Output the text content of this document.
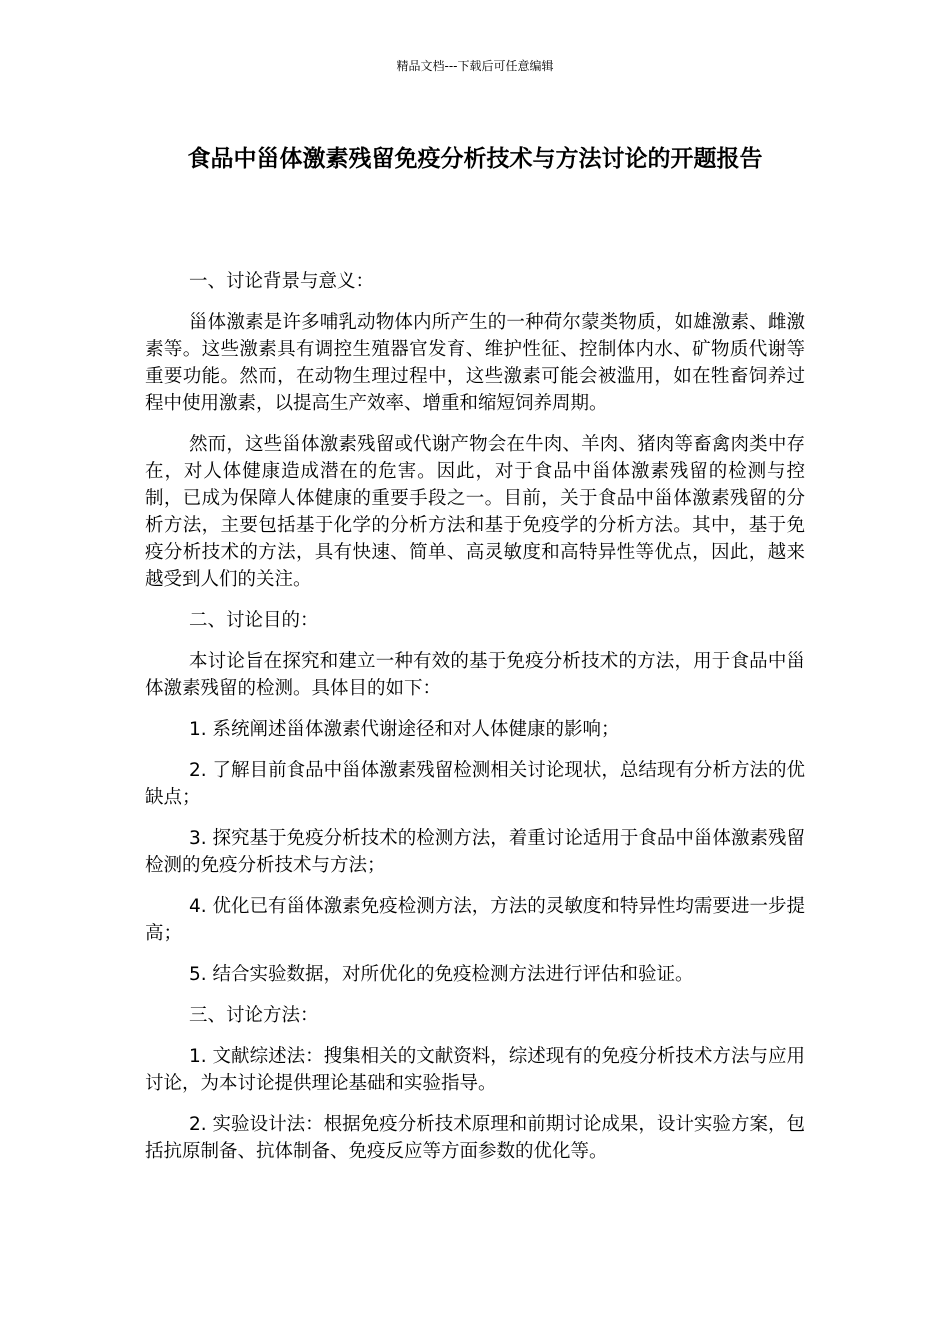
精品文档---下载后可任意编辑
食品中甾体激素残留免疫分析技术与方法讨论的开题报告

一、讨论背景与意义：

甾体激素是许多哺乳动物体内所产生的一种荷尔蒙类物质，如雄激素、雌激素等。这些激素具有调控生殖器官发育、维护性征、控制体内水、矿物质代谢等重要功能。然而，在动物生理过程中，这些激素可能会被滥用，如在牲畜饲养过程中使用激素，以提高生产效率、增重和缩短饲养周期。

然而，这些甾体激素残留或代谢产物会在牛肉、羊肉、猪肉等畜禽肉类中存在，对人体健康造成潜在的危害。因此，对于食品中甾体激素残留的检测与控制，已成为保障人体健康的重要手段之一。目前，关于食品中甾体激素残留的分析方法，主要包括基于化学的分析方法和基于免疫学的分析方法。其中，基于免疫分析技术的方法，具有快速、简单、高灵敏度和高特异性等优点，因此，越来越受到人们的关注。

二、讨论目的：

本讨论旨在探究和建立一种有效的基于免疫分析技术的方法，用于食品中甾体激素残留的检测。具体目的如下：

1. 系统阐述甾体激素代谢途径和对人体健康的影响；

2. 了解目前食品中甾体激素残留检测相关讨论现状，总结现有分析方法的优缺点；

3. 探究基于免疫分析技术的检测方法，着重讨论适用于食品中甾体激素残留检测的免疫分析技术与方法；

4. 优化已有甾体激素免疫检测方法，方法的灵敏度和特异性均需要进一步提高；

5. 结合实验数据，对所优化的免疫检测方法进行评估和验证。

三、讨论方法：

1. 文献综述法：搜集相关的文献资料，综述现有的免疫分析技术方法与应用讨论，为本讨论提供理论基础和实验指导。

2. 实验设计法：根据免疫分析技术原理和前期讨论成果，设计实验方案，包括抗原制备、抗体制备、免疫反应等方面参数的优化等。
